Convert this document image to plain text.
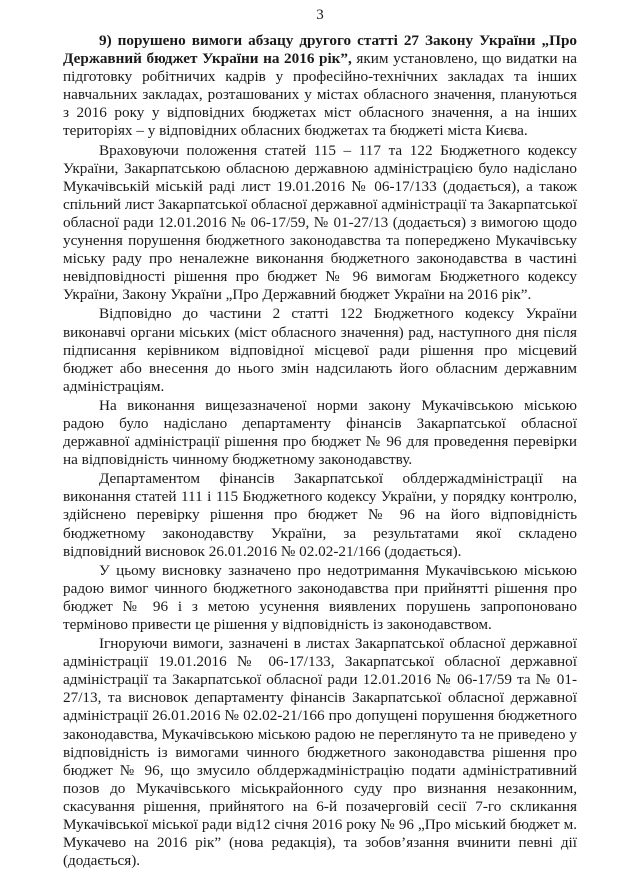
3

9) порушено вимоги абзацу другого статті 27 Закону України „Про Державний бюджет України на 2016 рік”, яким установлено, що видатки на підготовку робітничих кадрів у професійно-технічних закладах та інших навчальних закладах, розташованих у містах обласного значення, плануються з 2016 року у відповідних бюджетах міст обласного значення, а на інших територіях – у відповідних обласних бюджетах та бюджеті міста Києва.

Враховуючи положення статей 115 – 117 та 122 Бюджетного кодексу України, Закарпатською обласною державною адміністрацією було надіслано Мукачівській міській раді лист 19.01.2016 № 06-17/133 (додається), а також спільний лист Закарпатської обласної державної адміністрації та Закарпатської обласної ради 12.01.2016 № 06-17/59, № 01-27/13 (додається) з вимогою щодо усунення порушення бюджетного законодавства та попереджено Мукачівську міську раду про неналежне виконання бюджетного законодавства в частині невідповідності рішення про бюджет № 96 вимогам Бюджетного кодексу України, Закону України „Про Державний бюджет України на 2016 рік”.

Відповідно до частини 2 статті 122 Бюджетного кодексу України виконавчі органи міських (міст обласного значення) рад, наступного дня після підписання керівником відповідної місцевої ради рішення про місцевий бюджет або внесення до нього змін надсилають його обласним державним адміністраціям.

На виконання вищезазначеної норми закону Мукачівською міською радою було надіслано департаменту фінансів Закарпатської обласної державної адміністрації рішення про бюджет № 96 для проведення перевірки на відповідність чинному бюджетному законодавству.

Департаментом фінансів Закарпатської облдержадміністрації на виконання статей 111 і 115 Бюджетного кодексу України, у порядку контролю, здійснено перевірку рішення про бюджет № 96 на його відповідність бюджетному законодавству України, за результатами якої складено відповідний висновок 26.01.2016 № 02.02-21/166 (додається).

У цьому висновку зазначено про недотримання Мукачівською міською радою вимог чинного бюджетного законодавства при прийнятті рішення про бюджет № 96 і з метою усунення виявлених порушень запропоновано терміново привести це рішення у відповідність із законодавством.

Ігноруючи вимоги, зазначені в листах Закарпатської обласної державної адміністрації 19.01.2016 № 06-17/133, Закарпатської обласної державної адміністрації та Закарпатської обласної ради 12.01.2016 № 06-17/59 та № 01-27/13, та висновок департаменту фінансів Закарпатської обласної державної адміністрації 26.01.2016 № 02.02-21/166 про допущені порушення бюджетного законодавства, Мукачівською міською радою не переглянуто та не приведено у відповідність із вимогами чинного бюджетного законодавства рішення про бюджет № 96, що змусило облдержадміністрацію подати адміністративний позов до Мукачівського міськрайонного суду про визнання незаконним, скасування рішення, прийнятого на 6-й позачерговій сесії 7-го скликання Мукачівської міської ради від12 січня 2016 року № 96 „Про міський бюджет м. Мукачево на 2016 рік” (нова редакція), та зобов’язання вчинити певні дії (додається).
